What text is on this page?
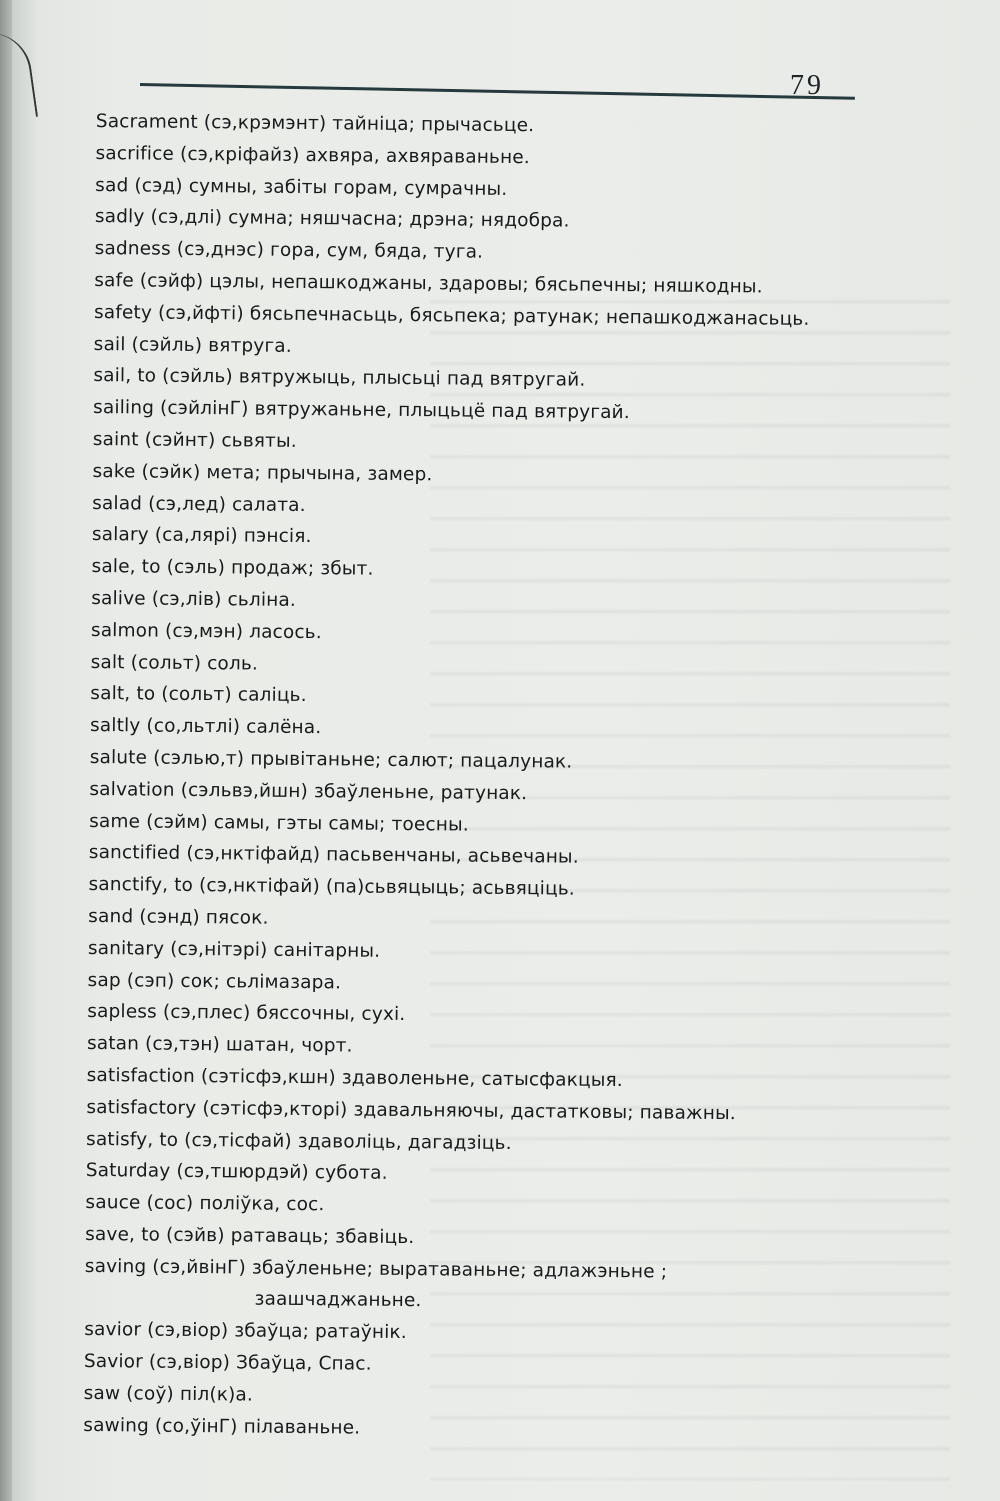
79
Sacrament (сэ,крэмэнт) тайніца; прычасьце.
sacrifice (сэ,кріфайз) ахвяра, ахвяраваньне.
sad (сэд) сумны, забіты горам, сумрачны.
sadly (сэ,длі) сумна; няшчасна; дрэна; нядобра.
sadness (сэ,днэс) гора, сум, бяда, туга.
safe (сэйф) цэлы, непашкоджаны, здаровы; бясьпечны; няшкодны.
safety (сэ,йфті) бясьпечнасьць, бясьпека; ратунак; непашкоджанасьць.
sail (сэйль) вятруга.
sail, to (сэйль) вятружыць, плысьці пад вятругай.
sailing (сэйлінГ) вятружаньне, плыцьцё пад вятругай.
saint (сэйнт) сьвяты.
sake (сэйк) мета; прычына, замер.
salad (сэ,лед) салата.
salary (са,лярі) пэнсія.
sale, to (сэль) продаж; збыт.
salive (сэ,лів) сьліна.
salmon (сэ,мэн) ласось.
salt (сольт) соль.
salt, to (сольт) саліць.
saltly (со,льтлі) салёна.
salute (сэлью,т) прывітаньне; салют; пацалунак.
salvation (сэльвэ,йшн) збаўленьне, ратунак.
same (сэйм) самы, гэты самы; тоесны.
sanctified (сэ,нктіфайд) пасьвенчаны, асьвечаны.
sanctify, to (сэ,нктіфай) (па)сьвяцыць; асьвяціць.
sand (сэнд) пясок.
sanitary (сэ,нітэрі) санітарны.
sap (сэп) сок; сьлімазара.
sapless (сэ,плес) бяссочны, сухі.
satan (сэ,тэн) шатан, чорт.
satisfaction (сэтісфэ,кшн) здаволеньне, сатысфакцыя.
satisfactory (сэтісфэ,кторі) здавальняючы, дастатковы; паважны.
satisfy, to (сэ,тісфай) здаволіць, дагадзіць.
Saturday (сэ,тшюрдэй) субота.
sauce (сос) поліўка, сос.
save, to (сэйв) ратаваць; збавіць.
saving (сэ,йвінГ) збаўленьне; выратаваньне; адлажэньне ;
заашчаджаньне.
savior (сэ,віор) збаўца; ратаўнік.
Savior (сэ,віор) Збаўца, Спас.
saw (соў) піл(к)а.
sawing (со,ўінГ) пілаваньне.
